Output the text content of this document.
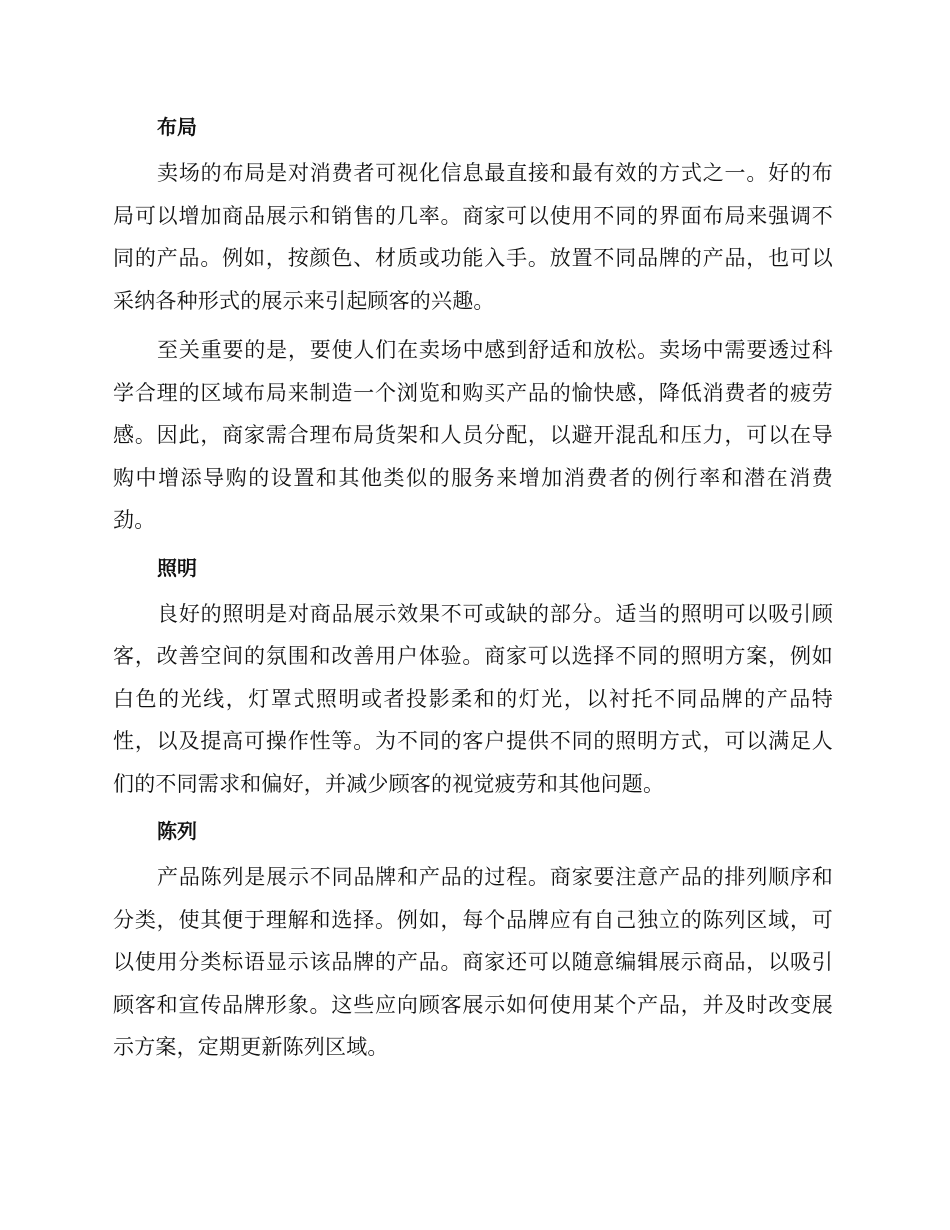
布局

卖场的布局是对消费者可视化信息最直接和最有效的方式之一。好的布局可以增加商品展示和销售的几率。商家可以使用不同的界面布局来强调不同的产品。例如，按颜色、材质或功能入手。放置不同品牌的产品，也可以采纳各种形式的展示来引起顾客的兴趣。

至关重要的是，要使人们在卖场中感到舒适和放松。卖场中需要透过科学合理的区域布局来制造一个浏览和购买产品的愉快感，降低消费者的疲劳感。因此，商家需合理布局货架和人员分配，以避开混乱和压力，可以在导购中增添导购的设置和其他类似的服务来增加消费者的例行率和潜在消费劲。

照明

良好的照明是对商品展示效果不可或缺的部分。适当的照明可以吸引顾客，改善空间的氛围和改善用户体验。商家可以选择不同的照明方案，例如白色的光线，灯罩式照明或者投影柔和的灯光，以衬托不同品牌的产品特性，以及提高可操作性等。为不同的客户提供不同的照明方式，可以满足人们的不同需求和偏好，并减少顾客的视觉疲劳和其他问题。

陈列

产品陈列是展示不同品牌和产品的过程。商家要注意产品的排列顺序和分类，使其便于理解和选择。例如，每个品牌应有自己独立的陈列区域，可以使用分类标语显示该品牌的产品。商家还可以随意编辑展示商品，以吸引顾客和宣传品牌形象。这些应向顾客展示如何使用某个产品，并及时改变展示方案，定期更新陈列区域。
